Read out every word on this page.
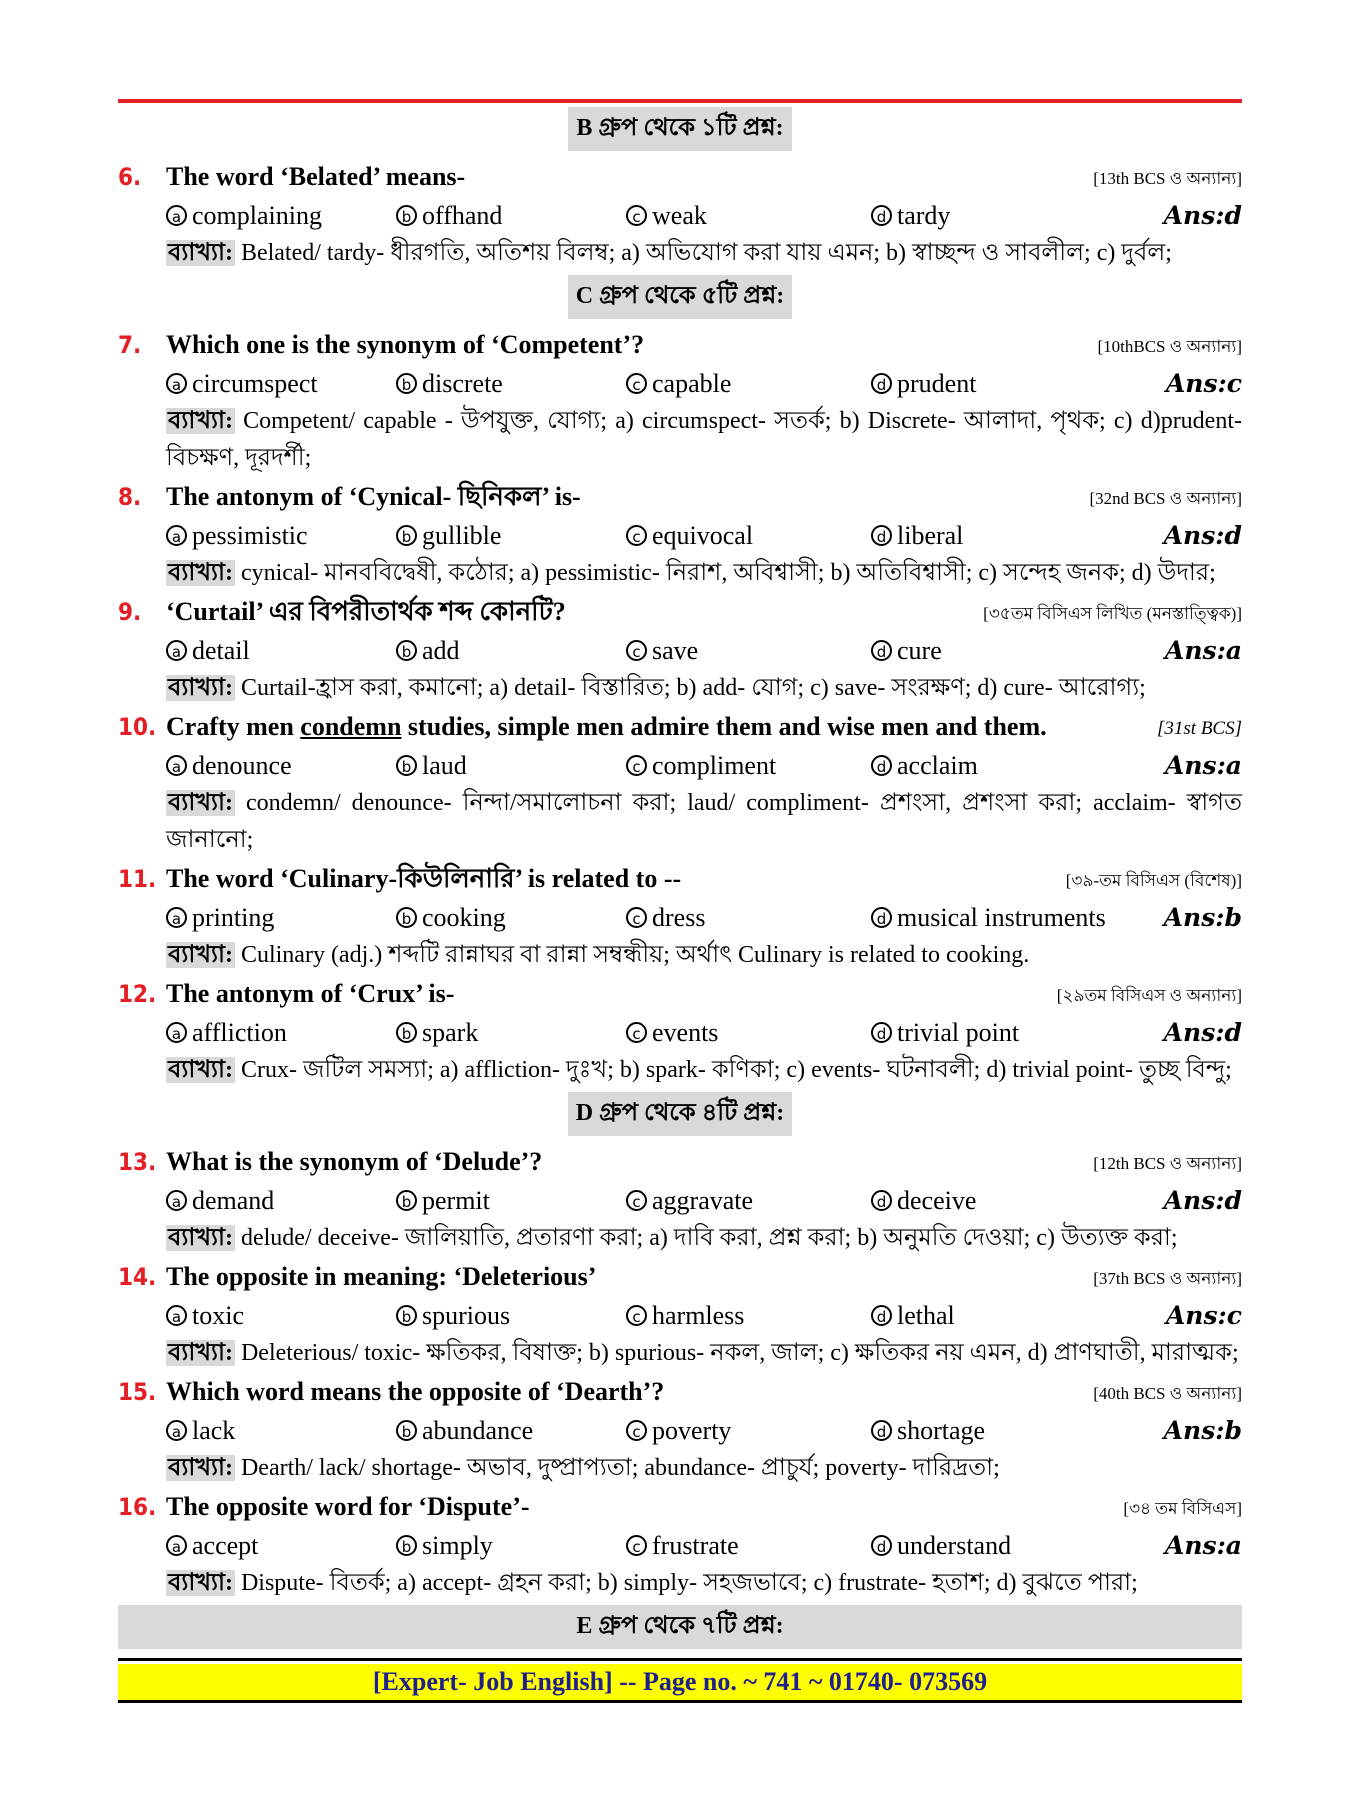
B গ্রুপ থেকে ১টি প্রশ্ন:
6. The word ‘Belated’ means-	[13th BCS ও অন্যান্য]
a complaining	b offhand	c weak	d tardy	Ans:d
ব্যাখ্যা: Belated/ tardy- ধীরগতি, অতিশয় বিলম্ব; a) অভিযোগ করা যায় এমন; b) স্বাচ্ছন্দ ও সাবলীল; c) দুর্বল;
C গ্রুপ থেকে ৫টি প্রশ্ন:
7. Which one is the synonym of ‘Competent’?	[10thBCS ও অন্যান্য]
a circumspect	b discrete	c capable	d prudent	Ans:c
ব্যাখ্যা: Competent/ capable - উপযুক্ত, যোগ্য; a) circumspect- সতর্ক; b) Discrete- আলাদা, পৃথক; c) d)prudent- বিচক্ষণ, দূরদর্শী;
8. The antonym of ‘Cynical- ছিনিকল’ is-	[32nd BCS ও অন্যান্য]
a pessimistic	b gullible	c equivocal	d liberal	Ans:d
ব্যাখ্যা: cynical- মানববিদ্বেষী, কঠোর; a) pessimistic- নিরাশ, অবিশ্বাসী; b) অতিবিশ্বাসী; c) সন্দেহ জনক; d) উদার;
9. ‘Curtail’ এর বিপরীতার্থক শব্দ কোনটি?	[৩৫তম বিসিএস লিখিত (মনস্তাত্ত্বিক)]
a detail	b add	c save	d cure	Ans:a
ব্যাখ্যা: Curtail-হ্রাস করা, কমানো; a) detail- বিস্তারিত; b) add- যোগ; c) save- সংরক্ষণ; d) cure- আরোগ্য;
10. Crafty men condemn studies, simple men admire them and wise men and them.	[31st BCS]
a denounce	b laud	c compliment	d acclaim	Ans:a
ব্যাখ্যা: condemn/ denounce- নিন্দা/সমালোচনা করা; laud/ compliment- প্রশংসা, প্রশংসা করা; acclaim- স্বাগত জানানো;
11. The word ‘Culinary-কিউলিনারি’ is related to --	[৩৯-তম বিসিএস (বিশেষ)]
a printing	b cooking	c dress	d musical instruments Ans:b
ব্যাখ্যা: Culinary (adj.) শব্দটি রান্নাঘর বা রান্না সম্বন্ধীয়; অর্থাৎ Culinary is related to cooking.
12. The antonym of ‘Crux’ is-	[২৯তম বিসিএস ও অন্যান্য]
a affliction	b spark	c events	d trivial point	Ans:d
ব্যাখ্যা: Crux- জটিল সমস্যা; a) affliction- দুঃখ; b) spark- কণিকা; c) events- ঘটনাবলী; d) trivial point- তুচ্ছ বিন্দু;
D গ্রুপ থেকে ৪টি প্রশ্ন:
13. What is the synonym of ‘Delude’?	[12th BCS ও অন্যান্য]
a demand	b permit	c aggravate	d deceive	Ans:d
ব্যাখ্যা: delude/ deceive- জালিয়াতি, প্রতারণা করা; a) দাবি করা, প্রশ্ন করা; b) অনুমতি দেওয়া; c) উত্যক্ত করা;
14. The opposite in meaning: ‘Deleterious’	[37th BCS ও অন্যান্য]
a toxic	b spurious	c harmless	d lethal	Ans:c
ব্যাখ্যা: Deleterious/ toxic- ক্ষতিকর, বিষাক্ত; b) spurious- নকল, জাল; c) ক্ষতিকর নয় এমন, d) প্রাণঘাতী, মারাত্মক;
15. Which word means the opposite of ‘Dearth’?	[40th BCS ও অন্যান্য]
a lack	b abundance	c poverty	d shortage	Ans:b
ব্যাখ্যা: Dearth/ lack/ shortage- অভাব, দুষ্প্রাপ্যতা; abundance- প্রাচুর্য; poverty- দারিদ্রতা;
16. The opposite word for ‘Dispute’-	[৩৪ তম বিসিএস]
a accept	b simply	c frustrate	d understand	Ans:a
ব্যাখ্যা: Dispute- বিতর্ক; a) accept- গ্রহন করা; b) simply- সহজভাবে; c) frustrate- হতাশ; d) বুঝতে পারা;
E গ্রুপ থেকে ৭টি প্রশ্ন:
[Expert- Job English] -- Page no. ~ 741 ~ 01740- 073569
